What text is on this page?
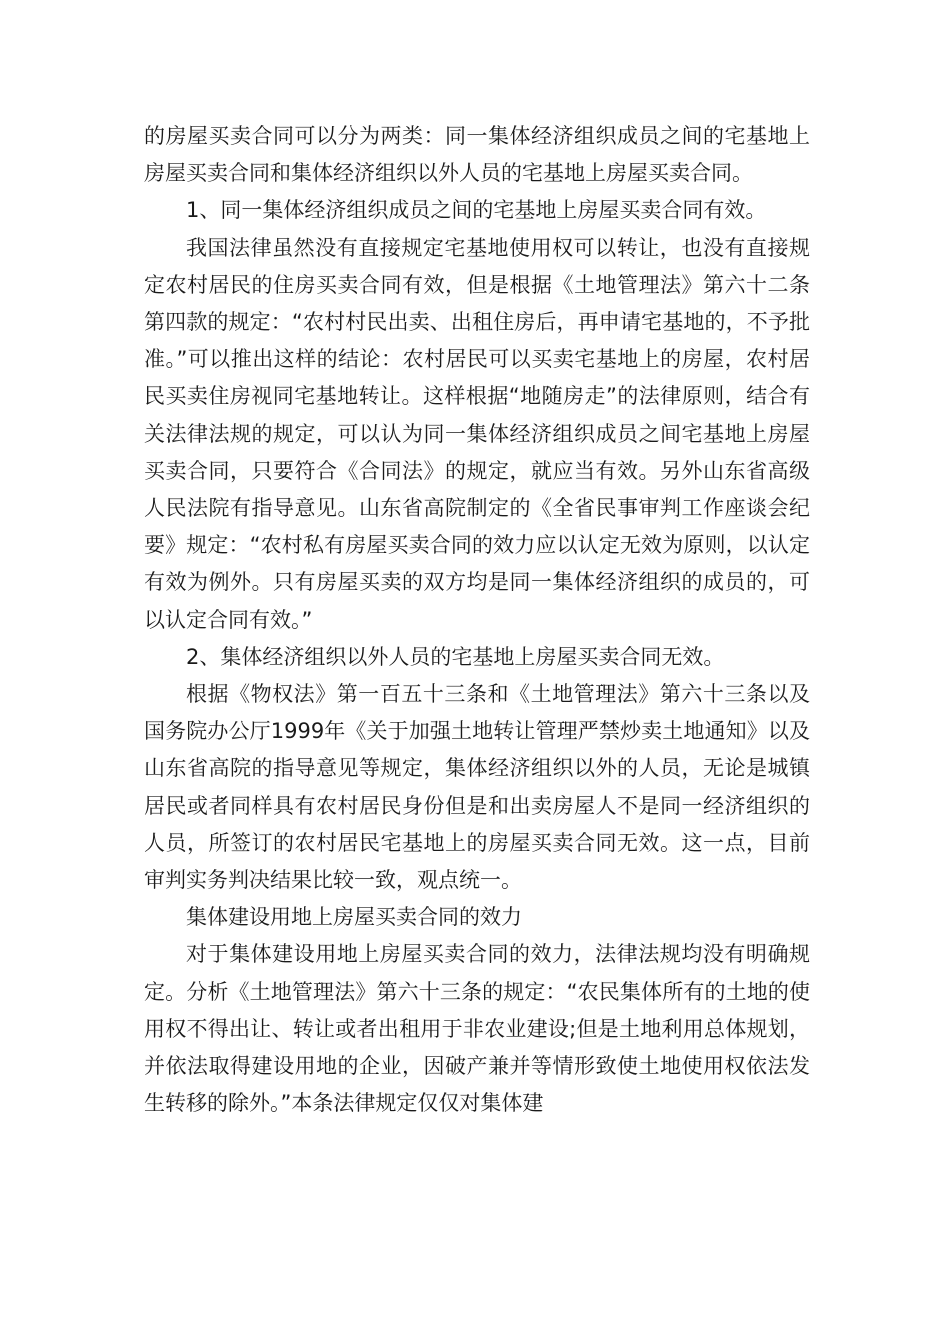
的房屋买卖合同可以分为两类：同一集体经济组织成员之间的宅基地上房屋买卖合同和集体经济组织以外人员的宅基地上房屋买卖合同。

1、同一集体经济组织成员之间的宅基地上房屋买卖合同有效。

我国法律虽然没有直接规定宅基地使用权可以转让，也没有直接规定农村居民的住房买卖合同有效，但是根据《土地管理法》第六十二条第四款的规定：“农村村民出卖、出租住房后，再申请宅基地的，不予批准。”可以推出这样的结论：农村居民可以买卖宅基地上的房屋，农村居民买卖住房视同宅基地转让。这样根据“地随房走”的法律原则，结合有关法律法规的规定，可以认为同一集体经济组织成员之间宅基地上房屋买卖合同，只要符合《合同法》的规定，就应当有效。另外山东省高级人民法院有指导意见。山东省高院制定的《全省民事审判工作座谈会纪要》规定：“农村私有房屋买卖合同的效力应以认定无效为原则，以认定有效为例外。只有房屋买卖的双方均是同一集体经济组织的成员的，可以认定合同有效。”

2、集体经济组织以外人员的宅基地上房屋买卖合同无效。

根据《物权法》第一百五十三条和《土地管理法》第六十三条以及国务院办公厅1999年《关于加强土地转让管理严禁炒卖土地通知》以及山东省高院的指导意见等规定，集体经济组织以外的人员，无论是城镇居民或者同样具有农村居民身份但是和出卖房屋人不是同一经济组织的人员，所签订的农村居民宅基地上的房屋买卖合同无效。这一点，目前审判实务判决结果比较一致，观点统一。

集体建设用地上房屋买卖合同的效力

对于集体建设用地上房屋买卖合同的效力，法律法规均没有明确规定。分析《土地管理法》第六十三条的规定：“农民集体所有的土地的使用权不得出让、转让或者出租用于非农业建设;但是土地利用总体规划，并依法取得建设用地的企业，因破产兼并等情形致使土地使用权依法发生转移的除外。”本条法律规定仅仅对集体建
